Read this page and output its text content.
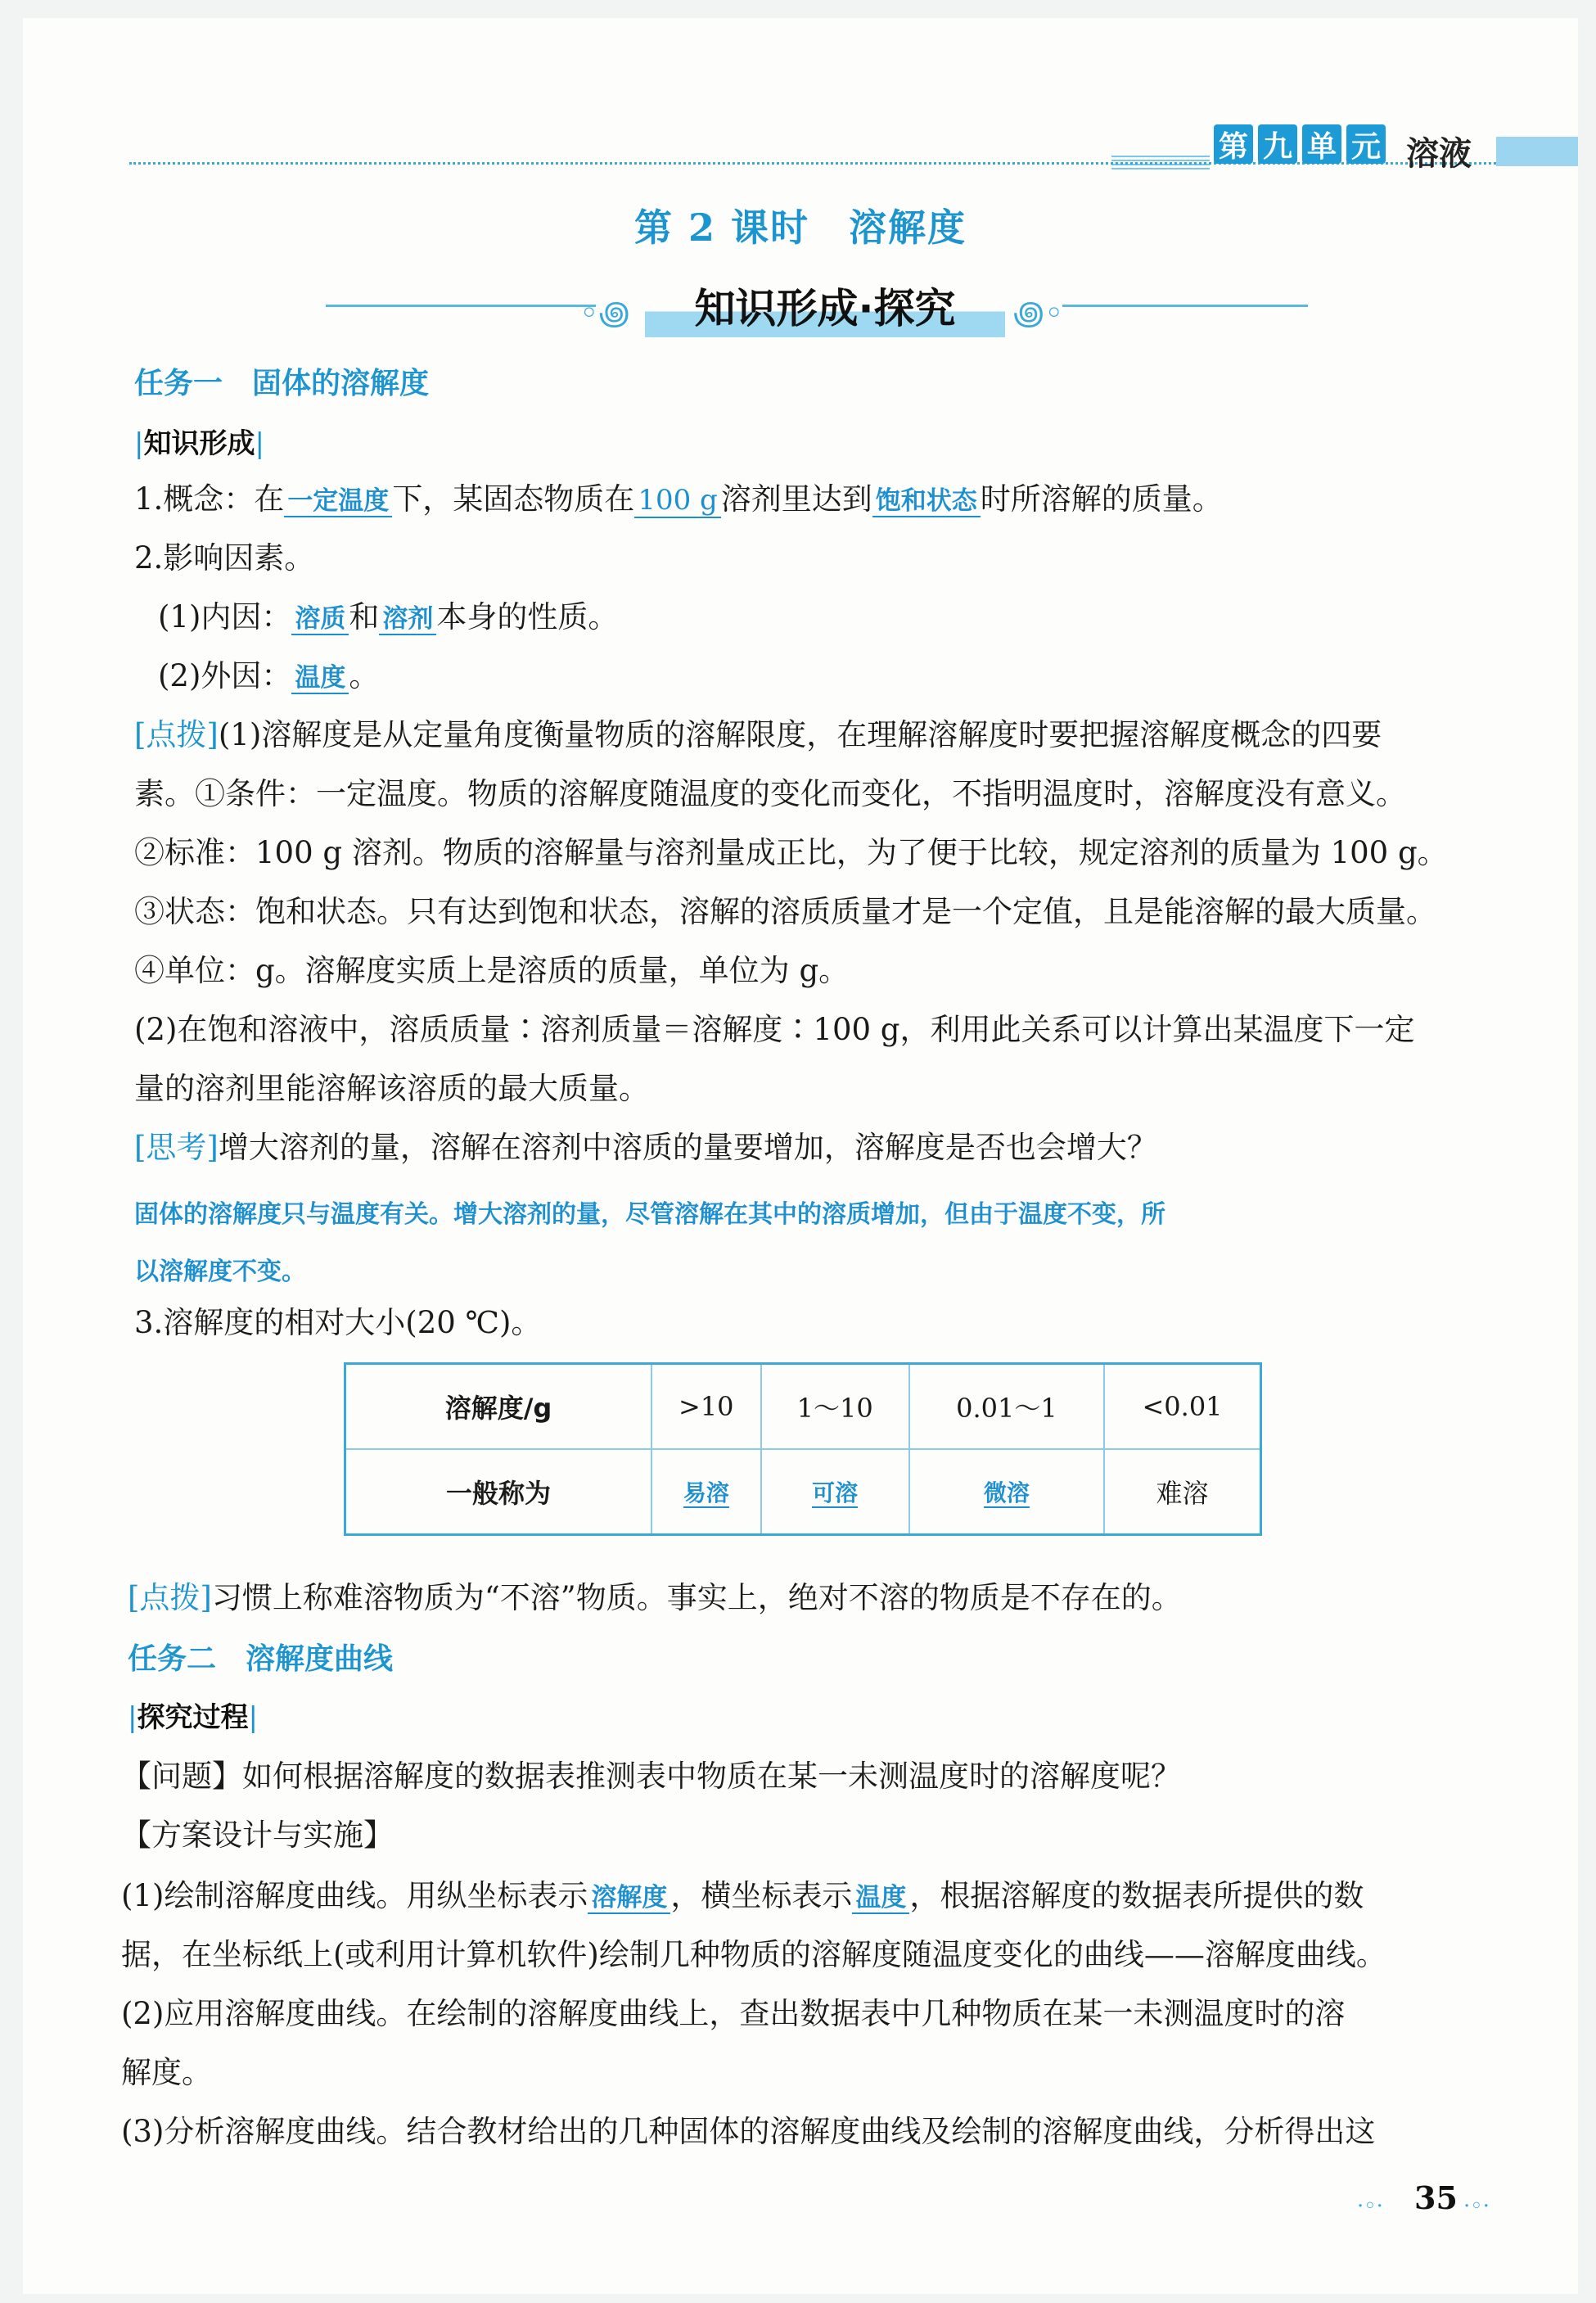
第 九 单 元 溶液
第 2 课时　溶解度
◦꩜	知识形成·探究	꩜◦
任务一　固体的溶解度
|知识形成|
1.概念：在 一定温度 下，某固态物质在 100 g 溶剂里达到 饱和状态 时所溶解的质量。
2.影响因素。
(1)内因： 溶质 和 溶剂 本身的性质。
(2)外因： 温度 。
[点拨](1)溶解度是从定量角度衡量物质的溶解限度，在理解溶解度时要把握溶解度概念的四要
素。①条件：一定温度。物质的溶解度随温度的变化而变化，不指明温度时，溶解度没有意义。
②标准：100 g 溶剂。物质的溶解量与溶剂量成正比，为了便于比较，规定溶剂的质量为 100 g。
③状态：饱和状态。只有达到饱和状态，溶解的溶质质量才是一个定值，且是能溶解的最大质量。
④单位：g。溶解度实质上是溶质的质量，单位为 g。
(2)在饱和溶液中，溶质质量∶溶剂质量＝溶解度∶100 g，利用此关系可以计算出某温度下一定
量的溶剂里能溶解该溶质的最大质量。
[思考]增大溶剂的量，溶解在溶剂中溶质的量要增加，溶解度是否也会增大？
固体的溶解度只与温度有关。增大溶剂的量，尽管溶解在其中的溶质增加，但由于温度不变，所
以溶解度不变。
3.溶解度的相对大小(20 ℃)。
溶解度/g	>10	1～10	0.01～1	<0.01
一般称为	易溶	可溶	微溶	难溶
[点拨]习惯上称难溶物质为“不溶”物质。事实上，绝对不溶的物质是不存在的。
任务二　溶解度曲线
|探究过程|
【问题】如何根据溶解度的数据表推测表中物质在某一未测温度时的溶解度呢？
【方案设计与实施】
(1)绘制溶解度曲线。用纵坐标表示 溶解度 ，横坐标表示 温度 ，根据溶解度的数据表所提供的数
据，在坐标纸上(或利用计算机软件)绘制几种物质的溶解度随温度变化的曲线——溶解度曲线。
(2)应用溶解度曲线。在绘制的溶解度曲线上，查出数据表中几种物质在某一未测温度时的溶
解度。
(3)分析溶解度曲线。结合教材给出的几种固体的溶解度曲线及绘制的溶解度曲线，分析得出这
·◦· 35 ·◦·
